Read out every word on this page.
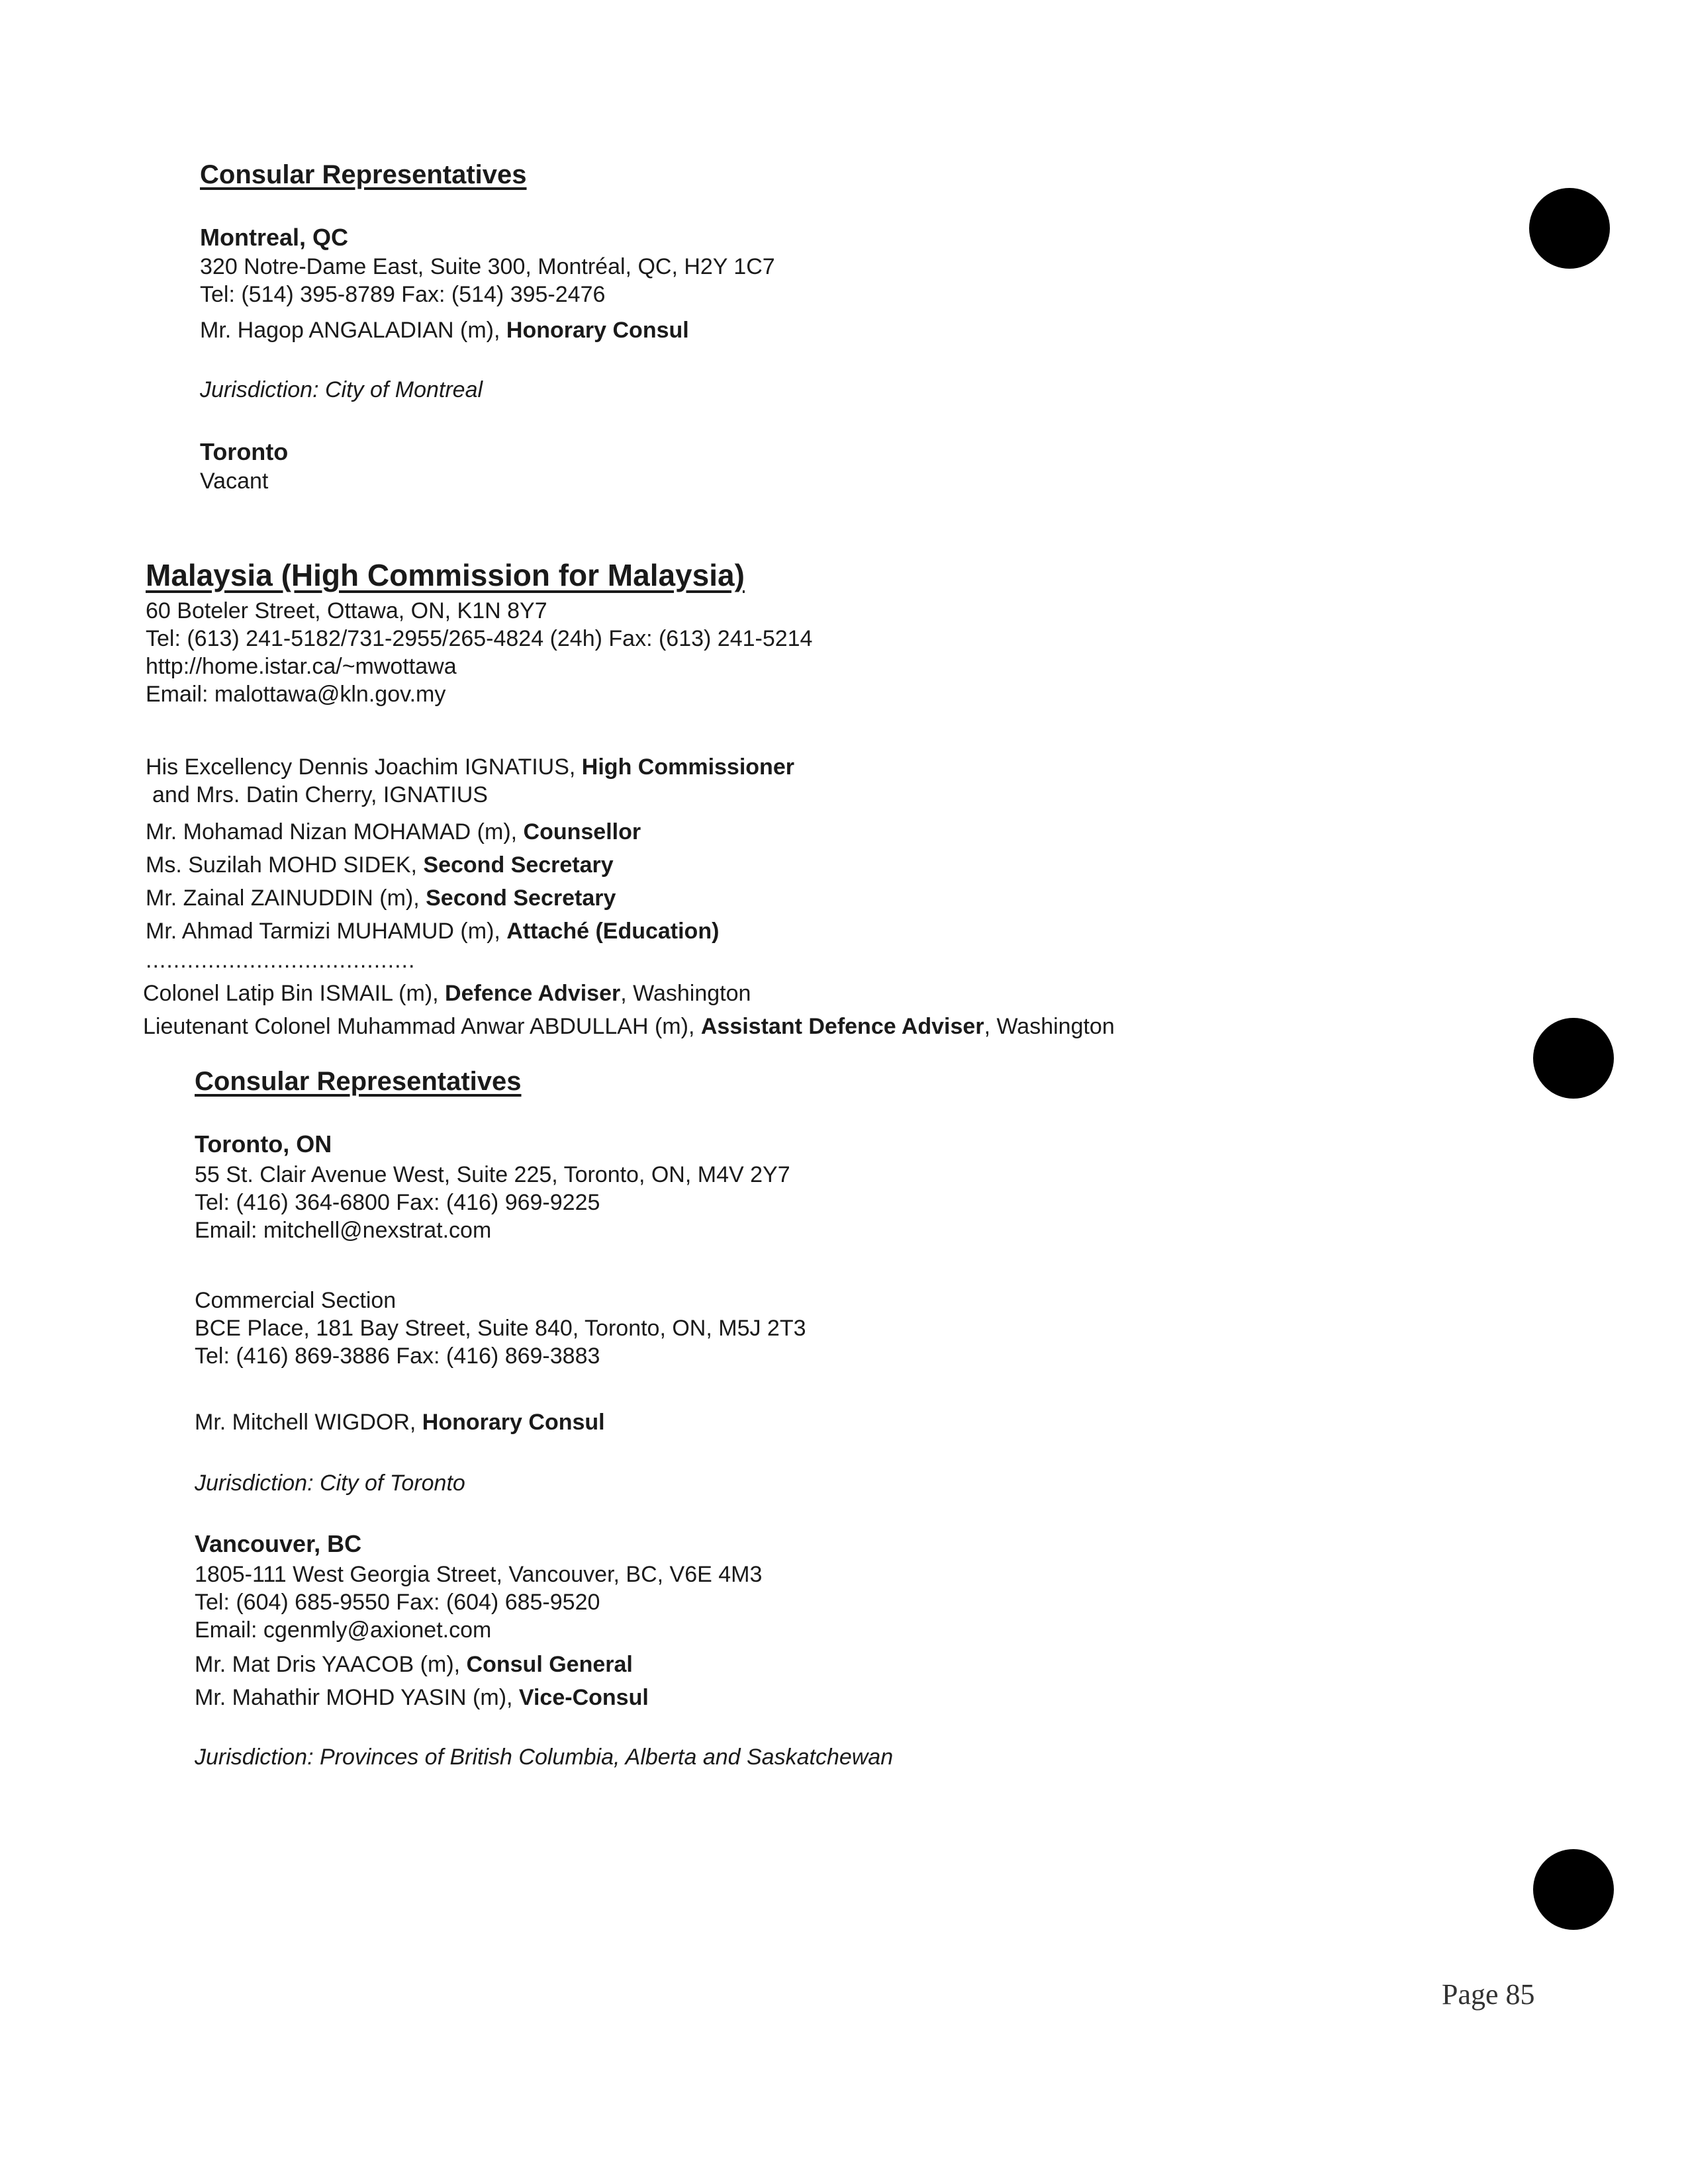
Consular Representatives
Montreal, QC
320 Notre-Dame East, Suite 300, Montréal, QC, H2Y 1C7
Tel: (514) 395-8789 Fax: (514) 395-2476
Mr. Hagop ANGALADIAN (m), Honorary Consul
Jurisdiction: City of Montreal
Toronto
Vacant
Malaysia (High Commission for Malaysia)
60 Boteler Street, Ottawa, ON, K1N 8Y7
Tel: (613) 241-5182/731-2955/265-4824 (24h) Fax: (613) 241-5214
http://home.istar.ca/~mwottawa
Email: malottawa@kln.gov.my
His Excellency Dennis Joachim IGNATIUS, High Commissioner
and Mrs. Datin Cherry, IGNATIUS
Mr. Mohamad Nizan MOHAMAD (m), Counsellor
Ms. Suzilah MOHD SIDEK, Second Secretary
Mr. Zainal ZAINUDDIN (m), Second Secretary
Mr. Ahmad Tarmizi MUHAMUD (m), Attaché (Education)
.......................................
Colonel Latip Bin ISMAIL (m), Defence Adviser, Washington
Lieutenant Colonel Muhammad Anwar ABDULLAH (m), Assistant Defence Adviser, Washington
Consular Representatives
Toronto, ON
55 St. Clair Avenue West, Suite 225, Toronto, ON, M4V 2Y7
Tel: (416) 364-6800 Fax: (416) 969-9225
Email: mitchell@nexstrat.com
Commercial Section
BCE Place, 181 Bay Street, Suite 840, Toronto, ON, M5J 2T3
Tel: (416) 869-3886 Fax: (416) 869-3883
Mr. Mitchell WIGDOR, Honorary Consul
Jurisdiction: City of Toronto
Vancouver, BC
1805-111 West Georgia Street, Vancouver, BC, V6E 4M3
Tel: (604) 685-9550 Fax: (604) 685-9520
Email: cgenmly@axionet.com
Mr. Mat Dris YAACOB (m), Consul General
Mr. Mahathir MOHD YASIN (m), Vice-Consul
Jurisdiction: Provinces of British Columbia, Alberta and Saskatchewan
Page 85
